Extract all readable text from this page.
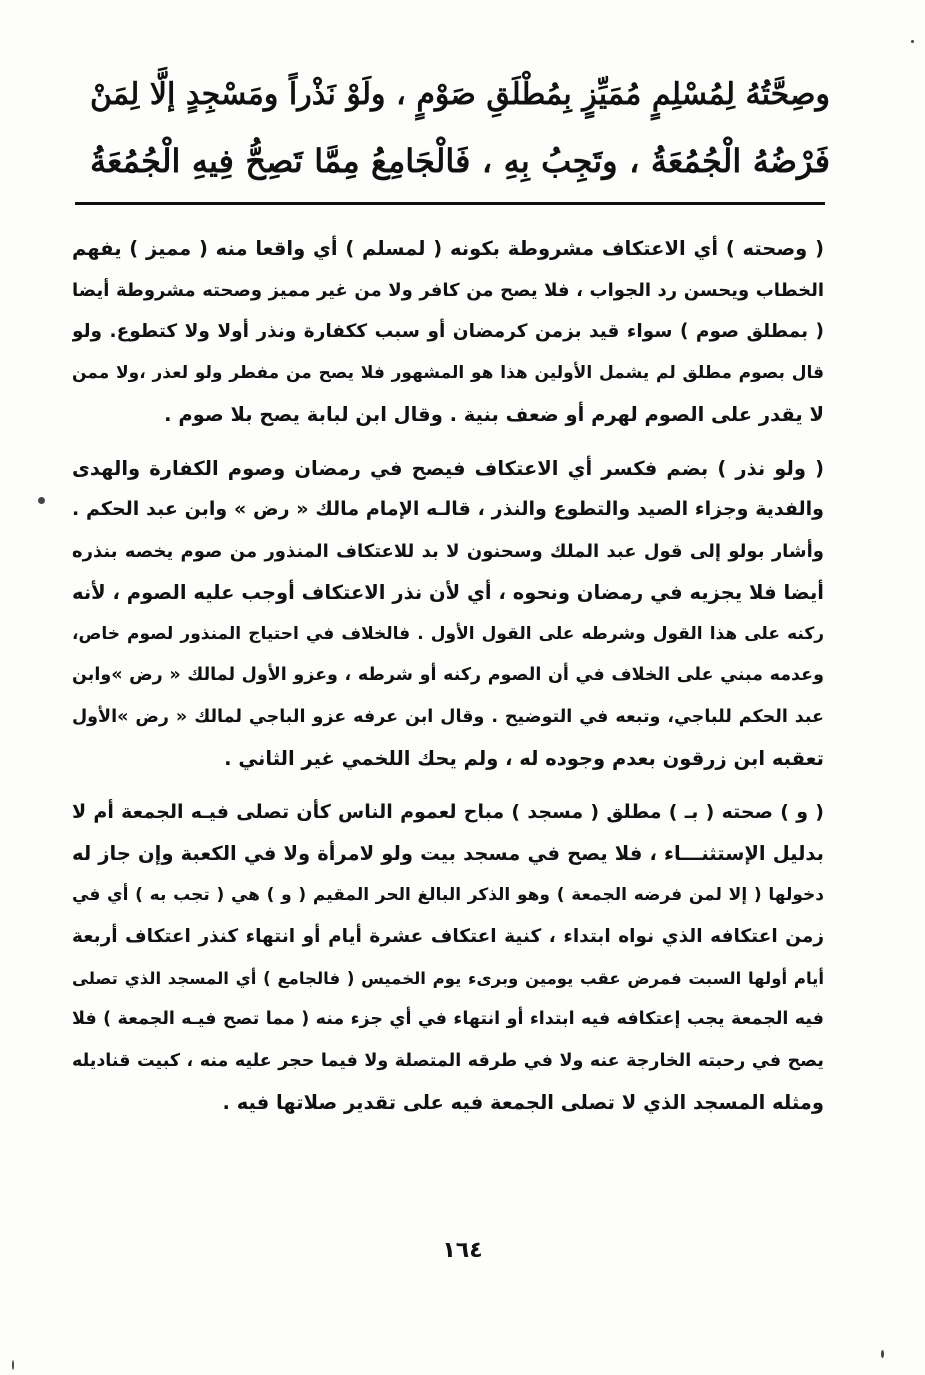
وصِحَّتُهُ لِمُسْلِمٍ مُمَيِّزٍ بِمُطْلَقِ صَوْمٍ ، ولَوْ نَذْراً ومَسْجِدٍ إلَّا لِمَنْ
فَرْضُهُ الْجُمُعَةُ ، وتَجِبُ بِهِ ، فَالْجَامِعُ مِمَّا تَصِحُّ فِيهِ الْجُمُعَةُ

( وصحته ) أي الاعتكاف مشروطة بكونه ( لمسلم ) أي واقعا منه ( مميز ) يفهم
الخطاب ويحسن رد الجواب ، فلا يصح من كافر ولا من غير مميز وصحته مشروطة أيضا
( بمطلق صوم ) سواء قيد بزمن كرمضان أو سبب ككفارة ونذر أولا ولا كتطوع. ولو
قال بصوم مطلق لم يشمل الأولين هذا هو المشهور فلا يصح من مفطر ولو لعذر ،ولا ممن
لا يقدر على الصوم لهرم أو ضعف بنية . وقال ابن لبابة يصح بلا صوم .

( ولو نذر ) بضم فكسر أي الاعتكاف فيصح في رمضان وصوم الكفارة والهدى
والفدية وجزاء الصيد والتطوع والنذر ، قالـه الإمام مالك « رض » وابن عبد الحكم .
وأشار بولو إلى قول عبد الملك وسحنون لا بد للاعتكاف المنذور من صوم يخصه بنذره
أيضا فلا يجزيه في رمضان ونحوه ، أي لأن نذر الاعتكاف أوجب عليه الصوم ، لأنه
ركنه على هذا القول وشرطه على القول الأول . فالخلاف في احتياج المنذور لصوم خاص،
وعدمه مبني على الخلاف في أن الصوم ركنه أو شرطه ، وعزو الأول لمالك « رض »وابن
عبد الحكم للباجي، وتبعه في التوضيح . وقال ابن عرفه عزو الباجي لمالك « رض »الأول
تعقبه ابن زرقون بعدم وجوده له ، ولم يحك اللخمي غير الثاني .

( و ) صحته ( بـ ) مطلق ( مسجد ) مباح لعموم الناس كأن تصلى فيـه الجمعة أم لا
بدليل الإستثنـــاء ، فلا يصح في مسجد بيت ولو لامرأة ولا في الكعبة وإن جاز له
دخولها ( إلا لمن فرضه الجمعة ) وهو الذكر البالغ الحر المقيم ( و ) هي ( تجب به ) أي في
زمن اعتكافه الذي نواه ابتداء ، كنية اعتكاف عشرة أيام أو انتهاء كنذر اعتكاف أربعة
أيام أولها السبت فمرض عقب يومين وبرىء يوم الخميس ( فالجامع ) أي المسجد الذي تصلى
فيه الجمعة يجب إعتكافه فيه ابتداء أو انتهاء في أي جزء منه ( مما تصح فيـه الجمعة ) فلا
يصح في رحبته الخارجة عنه ولا في طرقه المتصلة ولا فيما حجر عليه منه ، كبيت قناديله
ومثله المسجد الذي لا تصلى الجمعة فيه على تقدير صلاتها فيه .

١٦٤
